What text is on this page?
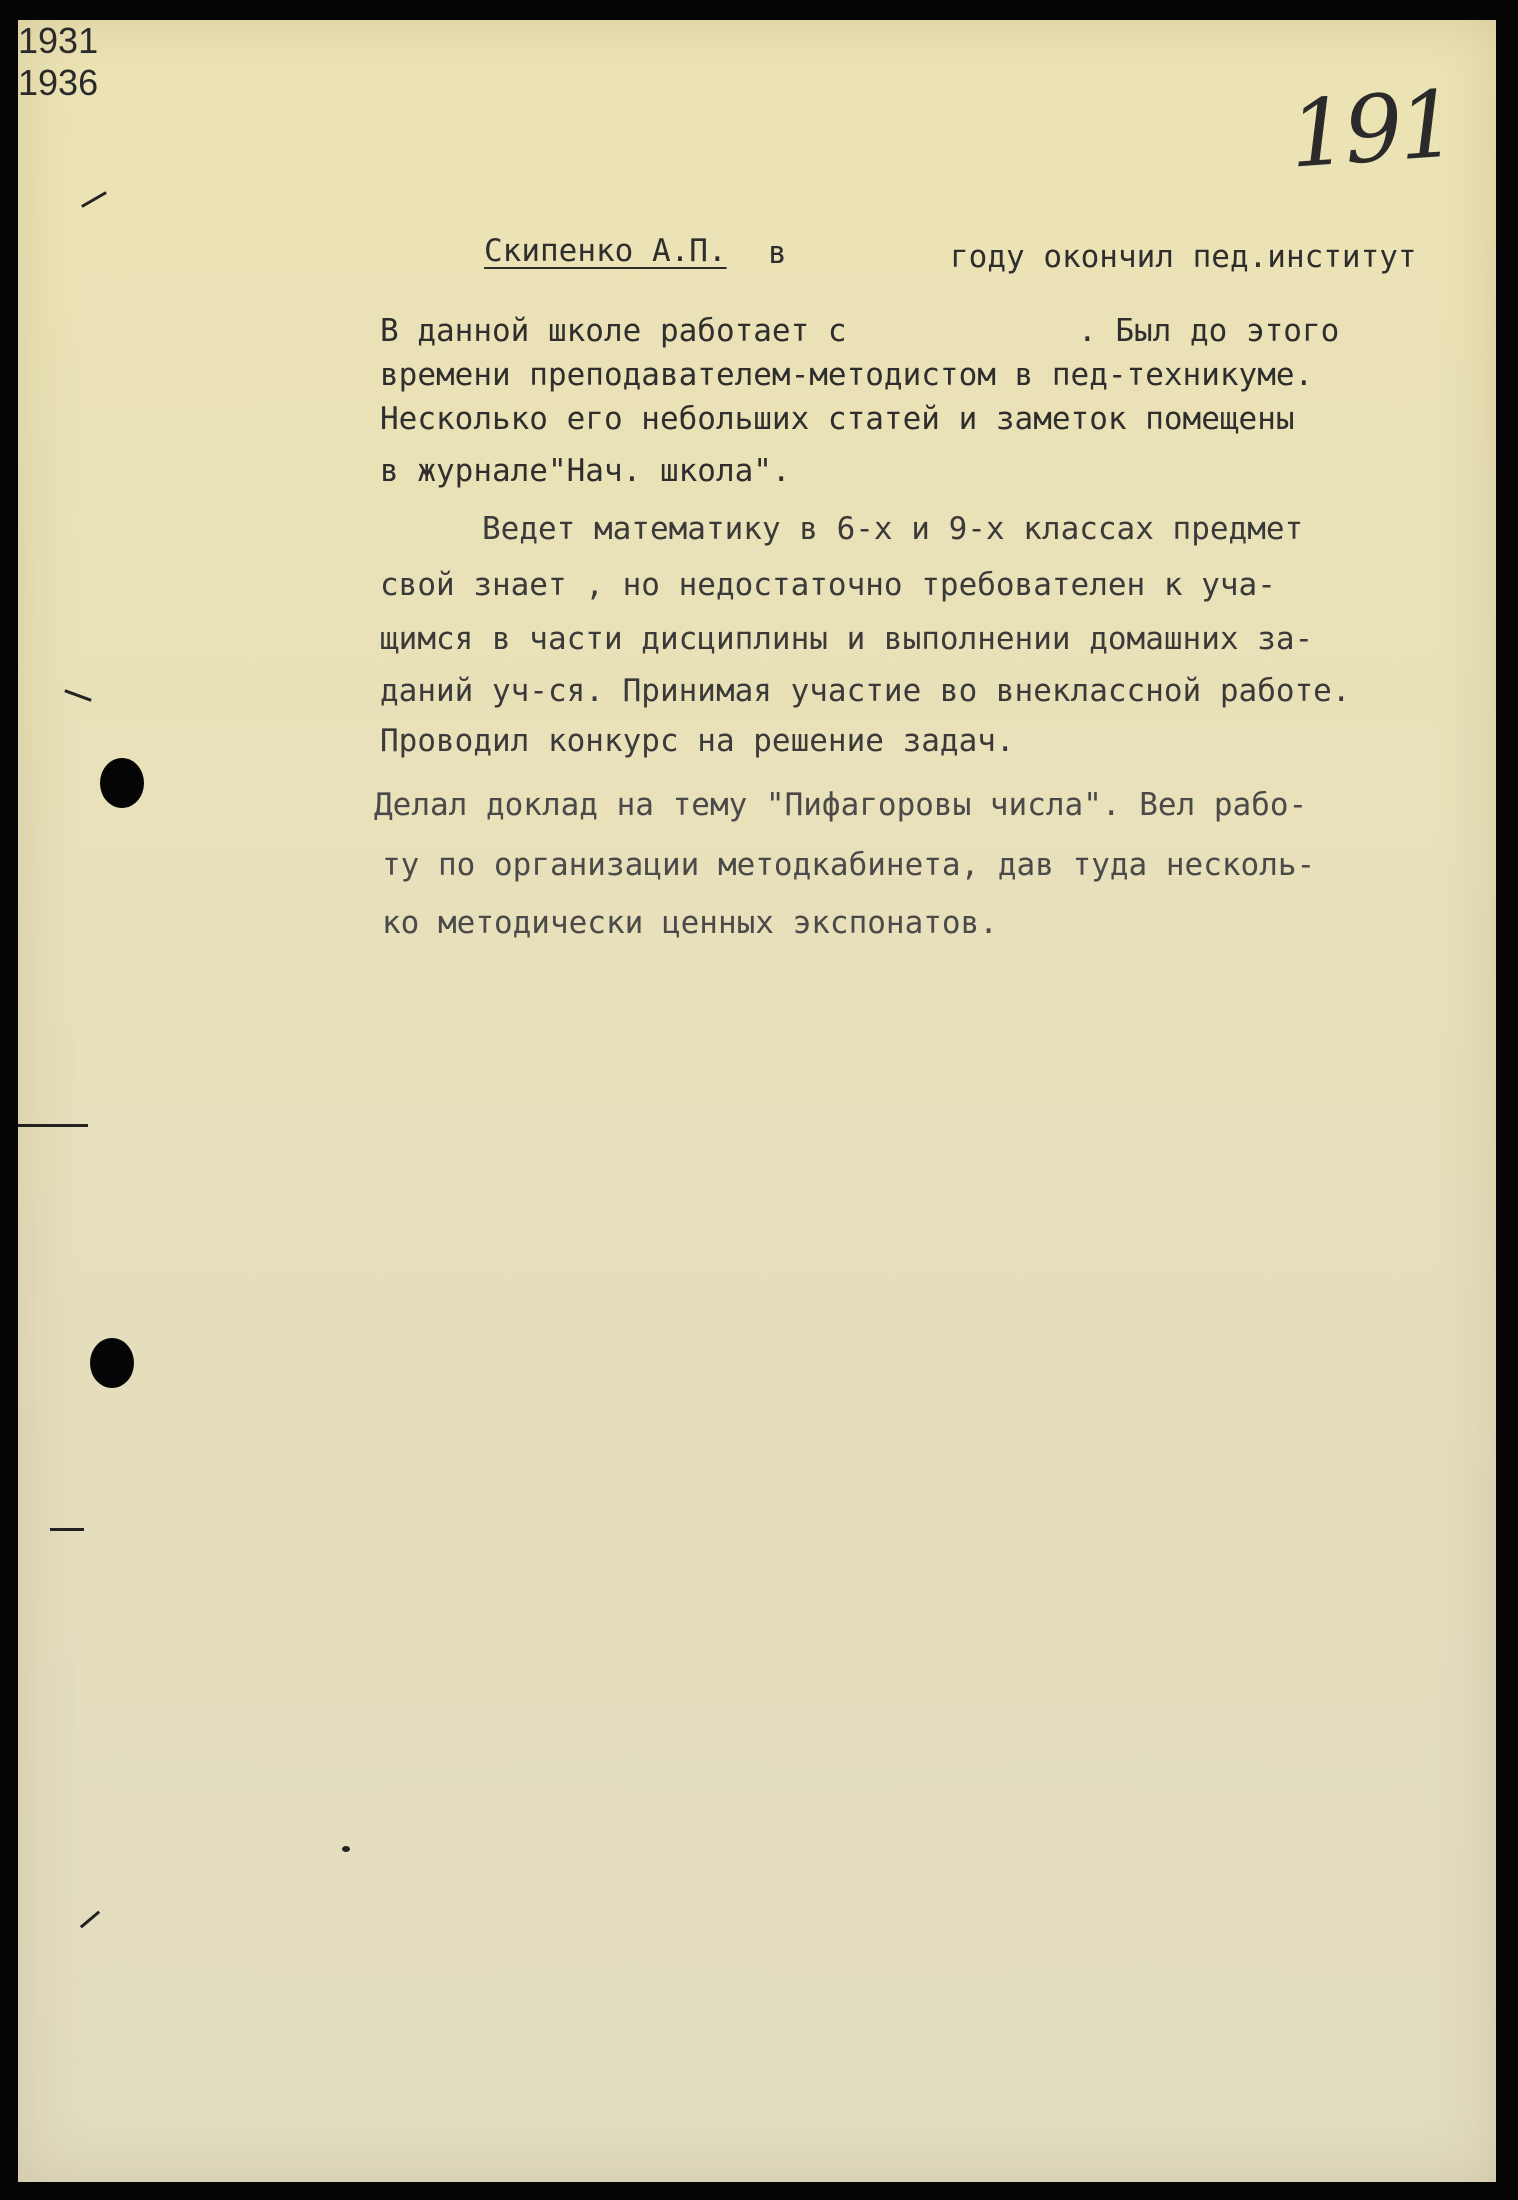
191
Скипенко А.П. в
1931
году окончил пед.институт
В данной школе работает с
1936
. Был до этого
времени преподавателем-методистом в пед-техникуме.
Несколько его небольших статей и заметок помещены
в журнале"Нач. школа".
Ведет математику в 6-х и 9-х классах предмет
свой знает , но недостаточно требователен к уча-
щимся в части дисциплины и выполнении домашних за-
даний уч-ся. Принимая участие во внеклассной работе.
Проводил конкурс на решение задач.
Делал доклад на тему "Пифагоровы числа". Вел рабо-
ту по организации методкабинета, дав туда несколь-
ко методически ценных экспонатов.
